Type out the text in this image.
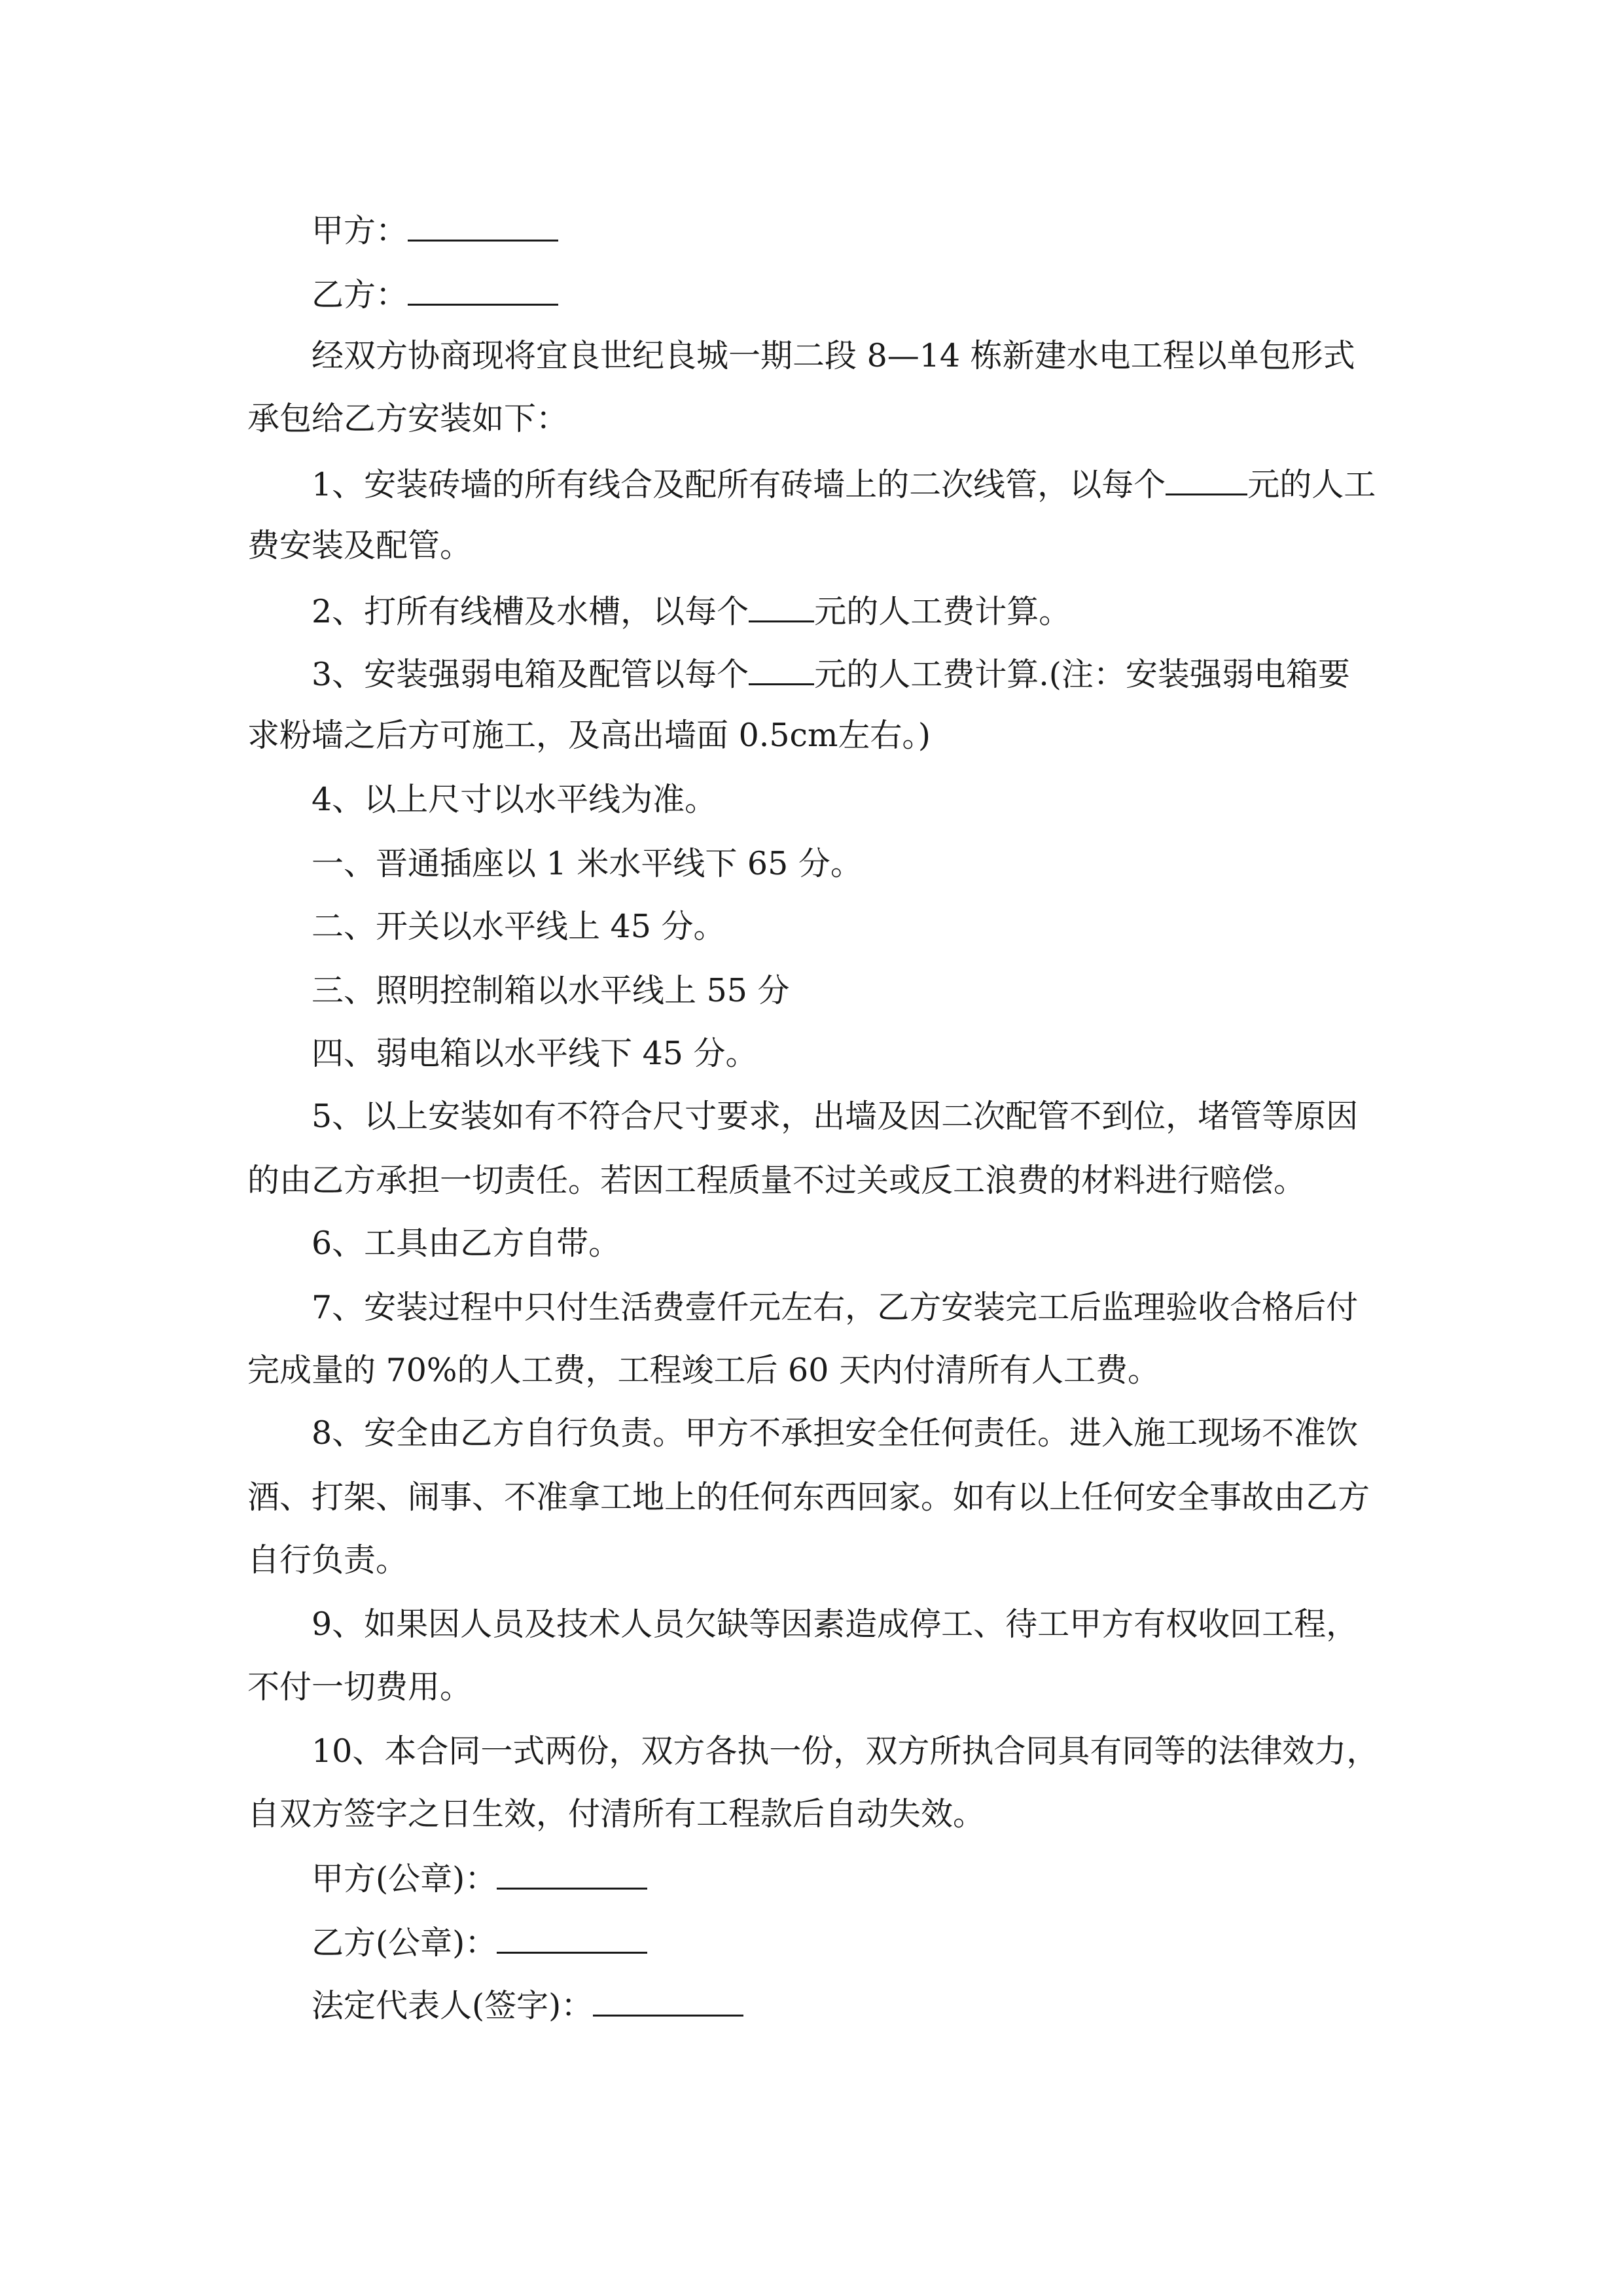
甲方：
乙方：
经双方协商现将宜良世纪良城一期二段 8—14 栋新建水电工程以单包形式
承包给乙方安装如下：
1、安装砖墙的所有线合及配所有砖墙上的二次线管，以每个	元的人工
费安装及配管。
2、打所有线槽及水槽，以每个 元的人工费计算。
3、安装强弱电箱及配管以每个 元的人工费计算.(注：安装强弱电箱要
求粉墙之后方可施工，及高出墙面 0.5cm左右。)
4、以上尺寸以水平线为准。
一、晋通插座以 1 米水平线下 65 分。
二、开关以水平线上 45 分。
三、照明控制箱以水平线上 55 分
四、弱电箱以水平线下 45 分。
5、以上安装如有不符合尺寸要求，出墙及因二次配管不到位，堵管等原因
的由乙方承担一切责任。若因工程质量不过关或反工浪费的材料进行赔偿。
6、工具由乙方自带。
7、安装过程中只付生活费壹仟元左右，乙方安装完工后监理验收合格后付
完成量的 70%的人工费，工程竣工后 60 天内付清所有人工费。
8、安全由乙方自行负责。甲方不承担安全任何责任。进入施工现场不准饮
酒、打架、闹事、不准拿工地上的任何东西回家。如有以上任何安全事故由乙方
自行负责。
9、如果因人员及技术人员欠缺等因素造成停工、待工甲方有权收回工程，
不付一切费用。
10、本合同一式两份，双方各执一份，双方所执合同具有同等的法律效力，
自双方签字之日生效，付清所有工程款后自动失效。
甲方(公章)：
乙方(公章)：
法定代表人(签字)：
